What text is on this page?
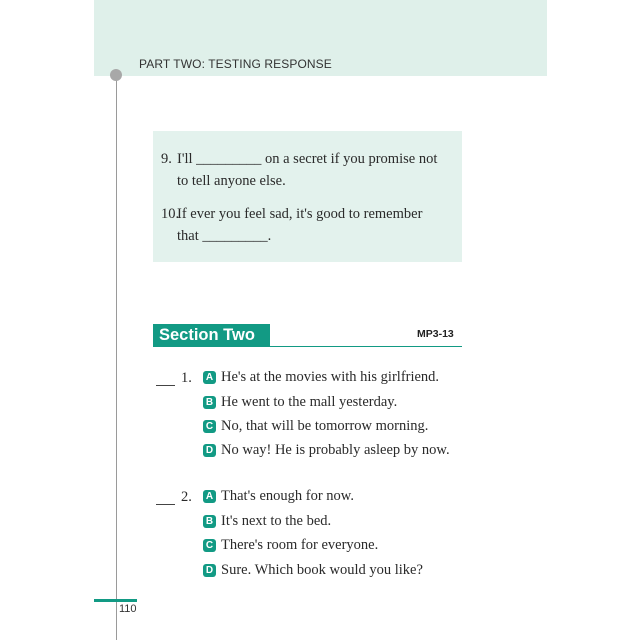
PART TWO: TESTING RESPONSE
9. I'll _________ on a secret if you promise not
to tell anyone else.
10.
If ever you feel sad, it's good to remember
that _________.
Section Two	MP3-13
1. A He's at the movies with his girlfriend.
B He went to the mall yesterday.
C No, that will be tomorrow morning.
D No way! He is probably asleep by now.
2. A That's enough for now.
B It's next to the bed.
C There's room for everyone.
D Sure. Which book would you like?
110
